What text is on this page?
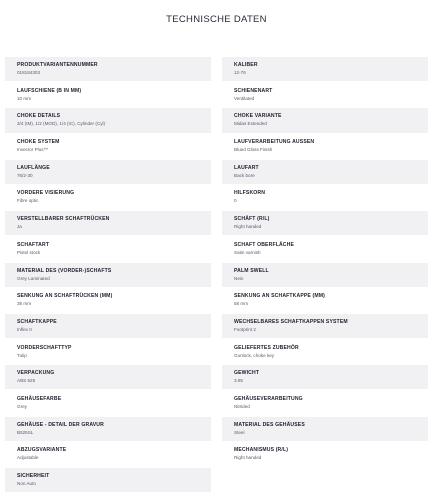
TECHNISCHE DATEN
PRODUKTVARIANTENNUMMER
018184303
KALIBER
12-76
LAUFSCHIENE (B IN MM)
10 mm
SCHIENENART
Ventilated
CHOKE DETAILS
3/4 (IM), 1/2 (MOD), 1/4 (IC), Cylinder (Cyl)
CHOKE VARIANTE
Midas Extended
CHOKE SYSTEM
Invector Plus™
LAUFVERARBEITUNG AUSSEN
Blued Gloss Finish
LAUFLÄNGE
76/2-30
LAUFART
Back bore
VORDERE VISIERUNG
Fibre optic
HILFSKORN
0
VERSTELLBARER SCHAFTRÜCKEN
Ja
SCHÄFT (R/L)
Right handed
SCHAFTART
Pistol stock
SCHAFT OBERFLÄCHE
Satin varnish
MATERIAL DES (VORDER-)SCHAFTS
Grey Laminated
PALM SWELL
Nein
SENKUNG AN SCHAFTRÜCKEN (MM)
38 mm
SENKUNG AN SCHAFTKAPPE (MM)
58 mm
SCHAFTKAPPE
Inflex II
WECHSELBARES SCHAFTKAPPEN SYSTEM
Footprint 2
VORDERSCHAFTTYP
Tulip
GELIEFERTES ZUBEHÖR
Gunlock, choke key
VERPACKUNG
ABS 525
GEWICHT
3.85
GEHÄUSEFARBE
Grey
GEHÄUSEVERARBEITUNG
Nitrided
GEHÄUSE - DETAIL DER GRAVUR
B525SL
MATERIAL DES GEHÄUSES
Steel
ABZUGSVARIANTE
Adjustable
MECHANISMUS (R/L)
Right handed
SICHERHEIT
Non Auto
